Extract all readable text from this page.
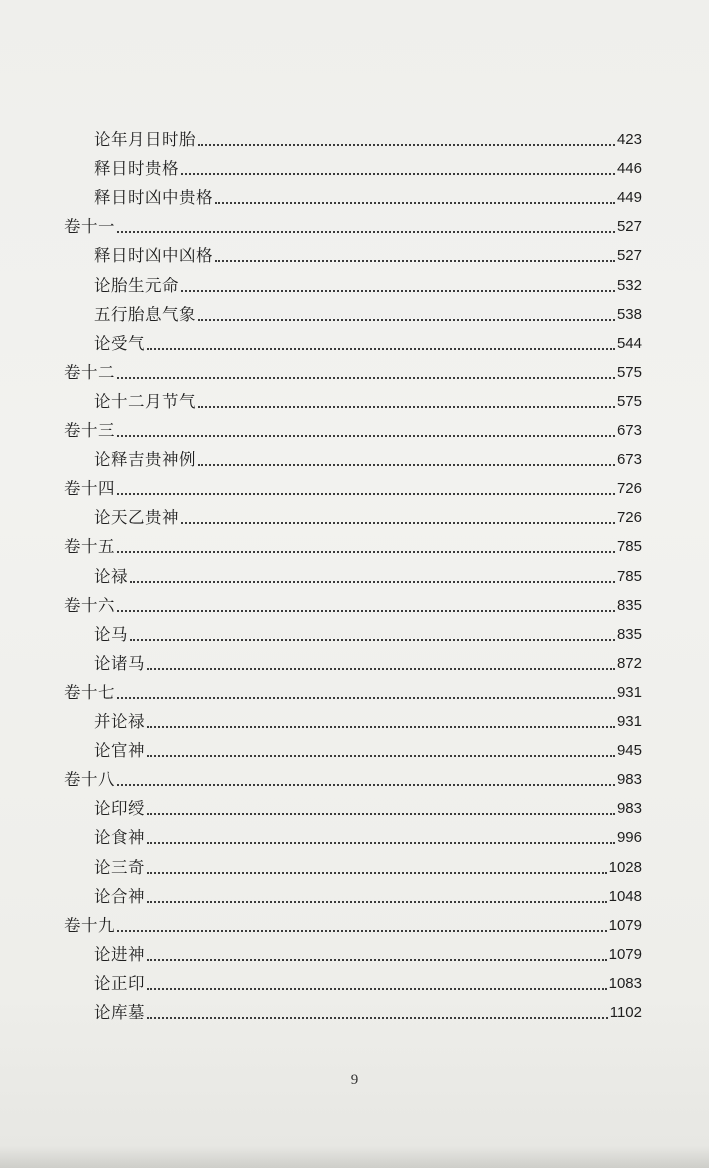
论年月日时胎	423
释日时贵格	446
释日时凶中贵格	449
卷十一	527
释日时凶中凶格	527
论胎生元命	532
五行胎息气象	538
论受气	544
卷十二	575
论十二月节气	575
卷十三	673
论释吉贵神例	673
卷十四	726
论天乙贵神	726
卷十五	785
论禄	785
卷十六	835
论马	835
论诸马	872
卷十七	931
并论禄	931
论官神	945
卷十八	983
论印绶	983
论食神	996
论三奇	1028
论合神	1048
卷十九	1079
论进神	1079
论正印	1083
论库墓	1102
9
